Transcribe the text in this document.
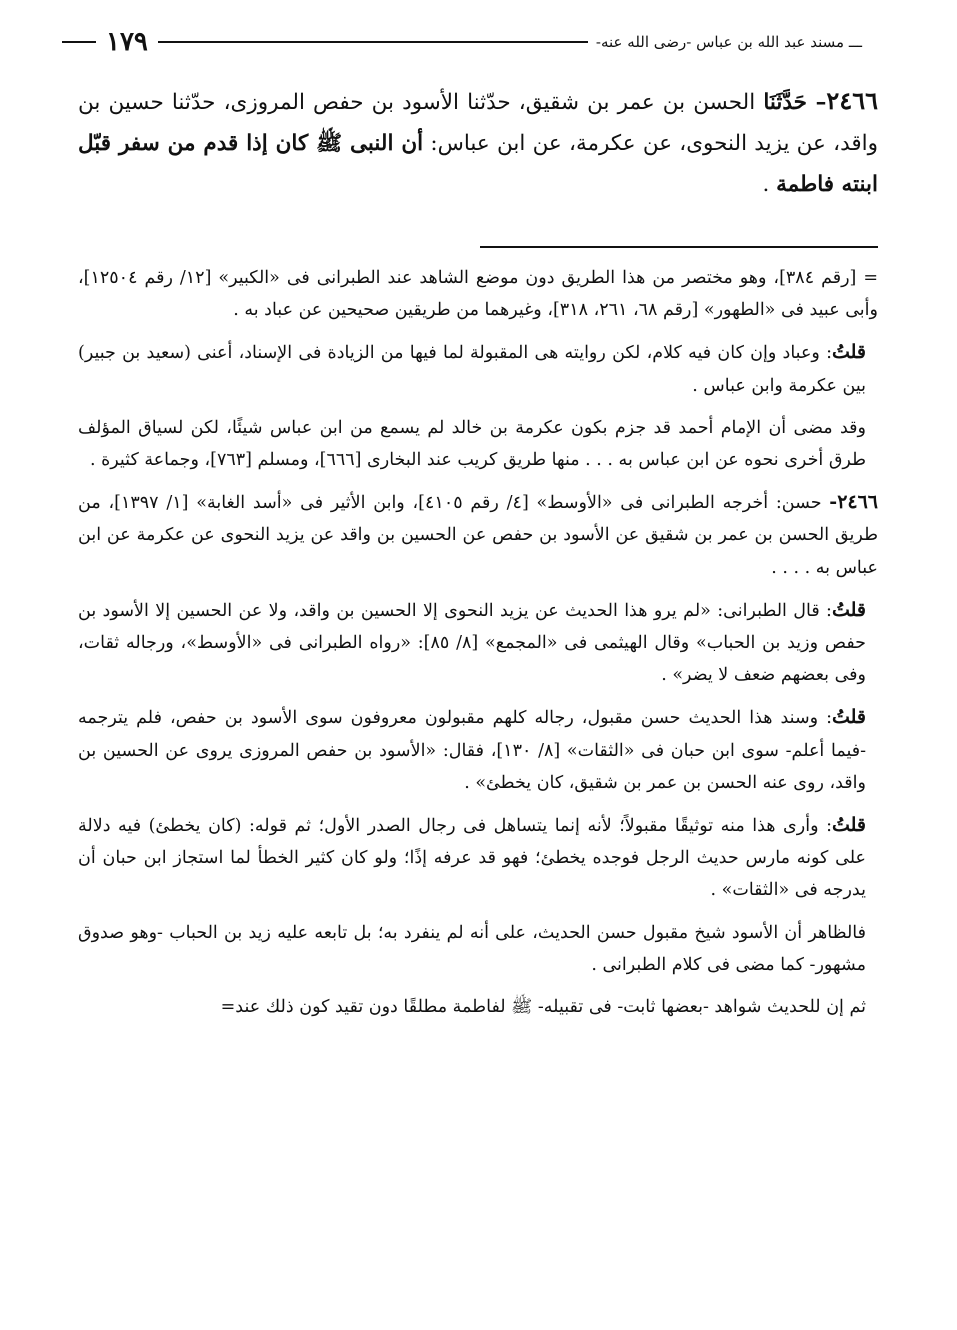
ـــ مسند عبد الله بن عباس -رضى الله عنه-
١٧٩
٢٤٦٦– حَدَّثَنَا الحسن بن عمر بن شقيق، حدّثنا الأسود بن حفص المروزى، حدّثنا حسين بن واقد، عن يزيد النحوى، عن عكرمة، عن ابن عباس: أن النبى ﷺ كان إذا قدم من سفر قبّل ابنته فاطمة .

= [رقم ٣٨٤]، وهو مختصر من هذا الطريق دون موضع الشاهد عند الطبرانى فى «الكبير» [١٢/ رقم ١٢٥٠٤]، وأبى عبيد فى «الطهور» [رقم ٦٨، ٢٦١، ٣١٨]، وغيرهما من طريقين صحيحين عن عباد به .

قلتُ: وعباد وإن كان فيه كلام، لكن روايته هى المقبولة لما فيها من الزيادة فى الإسناد، أعنى (سعيد بن جبير) بين عكرمة وابن عباس .

وقد مضى أن الإمام أحمد قد جزم بكون عكرمة بن خالد لم يسمع من ابن عباس شيئًا، لكن لسياق المؤلف طرق أخرى نحوه عن ابن عباس به . . . منها طريق كريب عند البخارى [٦٦٦]، ومسلم [٧٦٣]، وجماعة كثيرة .

٢٤٦٦- حسن: أخرجه الطبرانى فى «الأوسط» [٤/ رقم ٤١٠٥]، وابن الأثير فى «أسد الغابة» [١/ ١٣٩٧]، من طريق الحسن بن عمر بن شقيق عن الأسود بن حفص عن الحسين بن واقد عن يزيد النحوى عن عكرمة عن ابن عباس به . . . .

قلتُ: قال الطبرانى: «لم يرو هذا الحديث عن يزيد النحوى إلا الحسين بن واقد، ولا عن الحسين إلا الأسود بن حفص وزيد بن الحباب» وقال الهيثمى فى «المجمع» [٨/ ٨٥]: «رواه الطبرانى فى «الأوسط»، ورجاله ثقات، وفى بعضهم ضعف لا يضر» .

قلتُ: وسند هذا الحديث حسن مقبول، رجاله كلهم مقبولون معروفون سوى الأسود بن حفص، فلم يترجمه -فيما أعلم- سوى ابن حبان فى «الثقات» [٨/ ١٣٠]، فقال: «الأسود بن حفص المروزى يروى عن الحسين بن واقد، روى عنه الحسن بن عمر بن شقيق، كان يخطئ» .

قلتُ: وأرى هذا منه توثيقًا مقبولاً؛ لأنه إنما يتساهل فى رجال الصدر الأول؛ ثم قوله: (كان يخطئ) فيه دلالة على كونه مارس حديث الرجل فوجده يخطئ؛ فهو قد عرفه إذًا؛ ولو كان كثير الخطأ لما استجاز ابن حبان أن يدرجه فى «الثقات» .

فالظاهر أن الأسود شيخ مقبول حسن الحديث، على أنه لم ينفرد به؛ بل تابعه عليه زيد بن الحباب -وهو صدوق مشهور- كما مضى فى كلام الطبرانى .

ثم إن للحديث شواهد -بعضها ثابت- فى تقبيله- ﷺ لفاطمة مطلقًا دون تقيد كون ذلك عند=
